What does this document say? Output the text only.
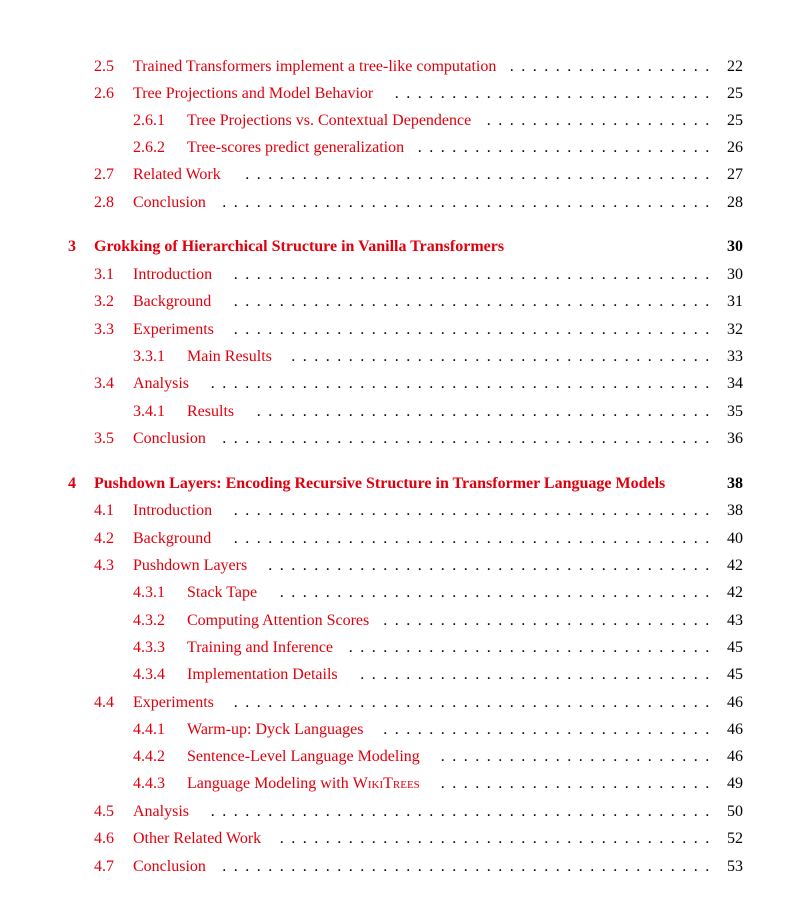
2.5 Trained Transformers implement a tree-like computation . . . . . . . . . . . . . . . . . . 22
2.6 Tree Projections and Model Behavior	. . . . . . . . . . . . . . . . . . . . . . . . . . . . 25
2.6.1 Tree Projections vs. Contextual Dependence . . . . . . . . . . . . . . . . . . . . 25
2.6.2 Tree-scores predict generalization . . . . . . . . . . . . . . . . . . . . . . . . . . 26
2.7 Related Work	. . . . . . . . . . . . . . . . . . . . . . . . . . . . . . . . . . . . . . . . . 27
2.8 Conclusion	. . . . . . . . . . . . . . . . . . . . . . . . . . . . . . . . . . . . . . . . . . . 28
3 Grokking of Hierarchical Structure in Vanilla Transformers	30
3.1 Introduction	. . . . . . . . . . . . . . . . . . . . . . . . . . . . . . . . . . . . . . . . . . 30
3.2 Background	. . . . . . . . . . . . . . . . . . . . . . . . . . . . . . . . . . . . . . . . . . 31
3.3 Experiments	. . . . . . . . . . . . . . . . . . . . . . . . . . . . . . . . . . . . . . . . . . 32
3.3.1 Main Results	. . . . . . . . . . . . . . . . . . . . . . . . . . . . . . . . . . . . . 33
3.4 Analysis	. . . . . . . . . . . . . . . . . . . . . . . . . . . . . . . . . . . . . . . . . . . . 34
3.4.1 Results	. . . . . . . . . . . . . . . . . . . . . . . . . . . . . . . . . . . . . . . . 35
3.5 Conclusion	. . . . . . . . . . . . . . . . . . . . . . . . . . . . . . . . . . . . . . . . . . . 36
4 Pushdown Layers: Encoding Recursive Structure in Transformer Language Models	38
4.1 Introduction	. . . . . . . . . . . . . . . . . . . . . . . . . . . . . . . . . . . . . . . . . . 38
4.2 Background	. . . . . . . . . . . . . . . . . . . . . . . . . . . . . . . . . . . . . . . . . . 40
4.3 Pushdown Layers	. . . . . . . . . . . . . . . . . . . . . . . . . . . . . . . . . . . . . . . 42
4.3.1 Stack Tape	. . . . . . . . . . . . . . . . . . . . . . . . . . . . . . . . . . . . . . 42
4.3.2 Computing Attention Scores . . . . . . . . . . . . . . . . . . . . . . . . . . . . . 43
4.3.3 Training and Inference . . . . . . . . . . . . . . . . . . . . . . . . . . . . . . . . 45
4.3.4 Implementation Details	. . . . . . . . . . . . . . . . . . . . . . . . . . . . . . . 45
4.4 Experiments	. . . . . . . . . . . . . . . . . . . . . . . . . . . . . . . . . . . . . . . . . . 46
4.4.1 Warm-up: Dyck Languages	. . . . . . . . . . . . . . . . . . . . . . . . . . . . . 46
4.4.2 Sentence-Level Language Modeling	. . . . . . . . . . . . . . . . . . . . . . . . 46
4.4.3 Language Modeling with WikiTrees	. . . . . . . . . . . . . . . . . . . . . . . . 49
4.5 Analysis	. . . . . . . . . . . . . . . . . . . . . . . . . . . . . . . . . . . . . . . . . . . . 50
4.6 Other Related Work	. . . . . . . . . . . . . . . . . . . . . . . . . . . . . . . . . . . . . . 52
4.7 Conclusion	. . . . . . . . . . . . . . . . . . . . . . . . . . . . . . . . . . . . . . . . . . . 53
